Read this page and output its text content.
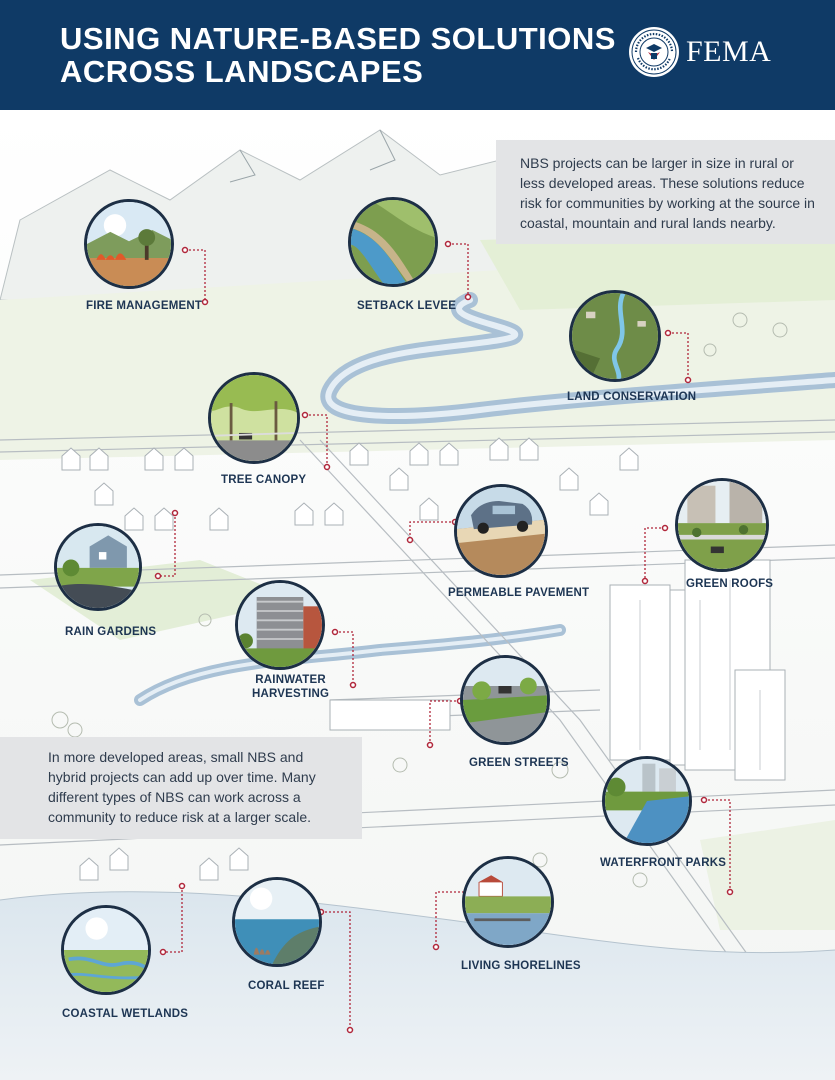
USING NATURE-BASED SOLUTIONS
ACROSS LANDSCAPES
FEMA
NBS projects can be larger in size in rural or less developed areas. These solutions reduce risk for communities by working at the source in coastal, mountain and rural lands nearby.
In more developed areas, small NBS and hybrid projects can add up over time. Many different types of NBS can work across a community to reduce risk at a larger scale.
FIRE MANAGEMENT	SETBACK LEVEE
LAND CONSERVATION
TREE CANOPY
PERMEABLE PAVEMENT
GREEN ROOFS
RAIN GARDENS
RAINWATER
HARVESTING
GREEN STREETS
WATERFRONT PARKS
LIVING SHORELINES
CORAL REEF
COASTAL WETLANDS
